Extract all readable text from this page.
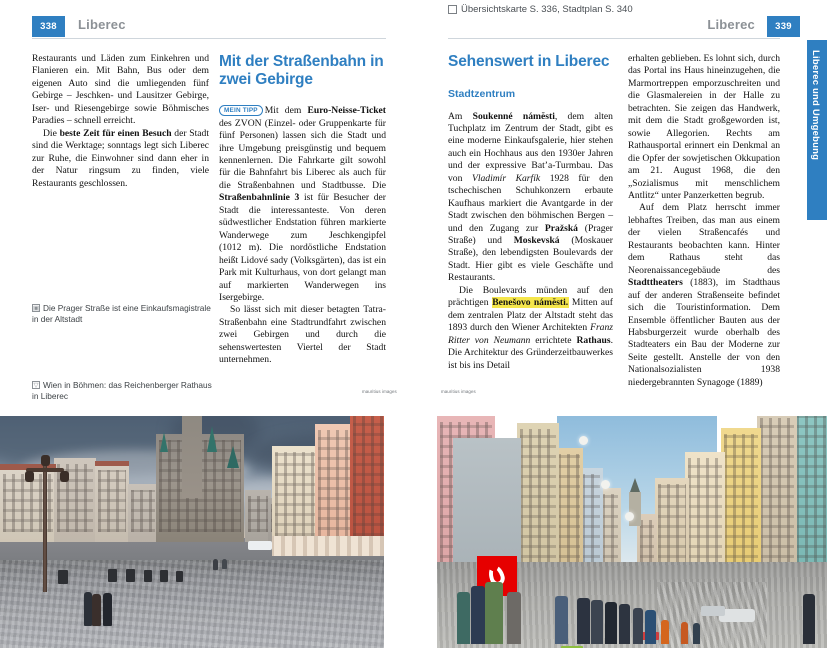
338	Liberec

Restaurants und Läden zum Einkehren und Flanieren ein. Mit Bahn, Bus oder dem eigenen Auto sind die umliegenden fünf Gebirge – Jeschken- und Lausitzer Gebirge, Iser- und Riesengebirge sowie Böhmisches Paradies – schnell erreicht.

Die beste Zeit für einen Besuch der Stadt sind die Werktage; sonntags legt sich Liberec zur Ruhe, die Einwohner sind dann eher in der Natur ringsum zu finden, viele Restaurants geschlossen.

Mit der Straßenbahn in zwei Gebirge

MEIN TIPP Mit dem Euro-Neisse-Ticket des ZVON (Einzel- oder Gruppenkarte für fünf Personen) lassen sich die Stadt und ihre Umgebung preisgünstig und bequem kennenlernen. Die Fahrkarte gilt sowohl für die Bahnfahrt bis Liberec als auch für die Straßenbahnen und Stadtbusse. Die Straßenbahnlinie 3 ist für Besucher der Stadt die interessanteste. Von deren südwestlicher Endstation führen markierte Wanderwege zum Jeschkengipfel (1012 m). Die nordöstliche Endstation heißt Lidové sady (Volksgärten), das ist ein Park mit Kulturhaus, von dort gelangt man auf markierten Wanderwegen ins Isergebirge.

So lässt sich mit dieser betagten Tatra-Straßenbahn eine Stadtrundfahrt zwischen zwei Gebirgen und durch die sehenswertesten Viertel der Stadt unternehmen.

▣Die Prager Straße ist eine Einkaufsmagistrale in der Altstadt
▽Wien in Böhmen: das Reichenberger Rathaus in Liberec	mauritius images
339
Liberec
Liberec und Umgebung
Übersichtskarte S. 336, Stadtplan S. 340
Sehenswert in Liberec
Stadtzentrum

Am Soukenné námĕsti, dem alten Tuchplatz im Zentrum der Stadt, gibt es eine moderne Einkaufsgalerie, hier stehen auch ein Hochhaus aus den 1930er Jahren und der expressive Bat’a-Turmbau. Das von Vladimír Karfík 1928 für den tschechischen Schuhkonzern erbaute Kaufhaus markiert die Avantgarde in der Stadt zwischen den böhmischen Bergen – und den Zugang zur Pražská (Prager Straße) und Moskevská (Moskauer Straße), den lebendigsten Boulevards der Stadt. Hier gibt es viele Geschäfte und Restaurants.

Die Boulevards münden auf den prächtigen Benešovo námĕsti. Mitten auf dem zentralen Platz der Altstadt steht das 1893 durch den Wiener Architekten Franz Ritter von Neumann errichtete Rathaus. Die Architektur des Gründerzeitbauwerkes ist bis ins Detail

erhalten geblieben. Es lohnt sich, durch das Portal ins Haus hineinzugehen, die Marmortreppen emporzuschreiten und die Glasmalereien in der Halle zu betrachten. Sie zeigen das Handwerk, mit dem die Stadt großgeworden ist, sowie Allegorien. Rechts am Rathausportal erinnert ein Denkmal an die Opfer der sowjetischen Okkupation am 21. August 1968, die den „Sozialismus mit menschlichem Antlitz“ unter Panzerketten begrub.

Auf dem Platz herrscht immer lebhaftes Treiben, das man aus einem der vielen Straßencafés und Restaurants beobachten kann. Hinter dem Rathaus steht das Neorenaissancegebäude des Stadttheaters (1883), im Stadthaus auf der anderen Straßenseite befindet sich die Touristinformation. Dem Ensemble öffentlicher Bauten aus der Habsburgerzeit wurde oberhalb des Stadteaters ein Bau der Moderne zur Seite gestellt. Anstelle der von den Nationalsozialisten 1938 niedergebrannten Synagoge (1889)

mauritius images
